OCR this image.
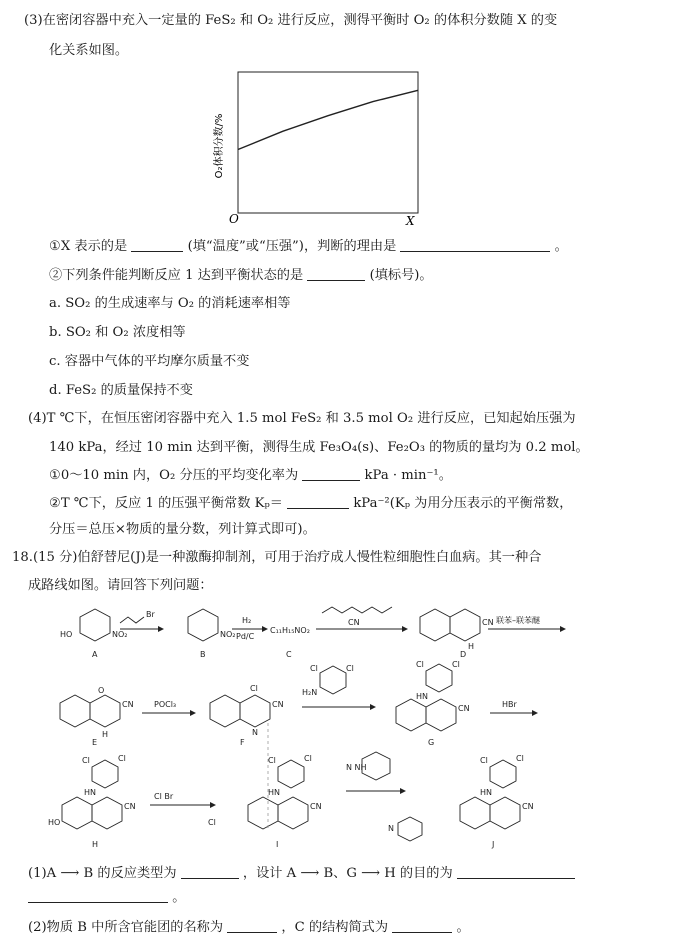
(3)在密闭容器中充入一定量的 FeS₂ 和 O₂ 进行反应，测得平衡时 O₂ 的体积分数随 X 的变
化关系如图。
O₂体积分数/%
O	X
①X 表示的是	(填“温度”或“压强”)，判断的理由是	。
②下列条件能判断反应 1 达到平衡状态的是	(填标号)。
a. SO₂ 的生成速率与 O₂ 的消耗速率相等
b. SO₂ 和 O₂ 浓度相等
c. 容器中气体的平均摩尔质量不变
d. FeS₂ 的质量保持不变
(4)T ℃下，在恒压密闭容器中充入 1.5 mol FeS₂ 和 3.5 mol O₂ 进行反应，已知起始压强为
140 kPa，经过 10 min 达到平衡，测得生成 Fe₃O₄(s)、Fe₂O₃ 的物质的量均为 0.2 mol。
①0～10 min 内，O₂ 分压的平均变化率为	kPa · min⁻¹。
②T ℃下，反应 1 的压强平衡常数 Kₚ＝	kPa⁻²(Kₚ 为用分压表示的平衡常数，
分压＝总压×物质的量分数，列计算式即可)。
18.(15 分)伯舒替尼(J)是一种激酶抑制剂，可用于治疗成人慢性粒细胞性白血病。其一种合
成路线如图。请回答下列问题：
A	B	C	D
E	F	G
H	I	J
Br
H₂
Pd/C
C₁₁H₁₅NO₂
CN	联苯–联苯醚
POCl₃
H₂N
HBr
Cl Br
N NH
HO	NO₂	NO₂
CN
H
CN
H
O
CN
Cl
N
Cl	Cl
CN
HN
Cl	Cl
HO
CN
HN
Cl	Cl
Cl
CN
HN
Cl	Cl
CN
HN
Cl	Cl
N
(1)A ⟶ B 的反应类型为	，设计 A ⟶ B、G ⟶ H 的目的为
。
(2)物质 B 中所含官能团的名称为	，C 的结构简式为	。
